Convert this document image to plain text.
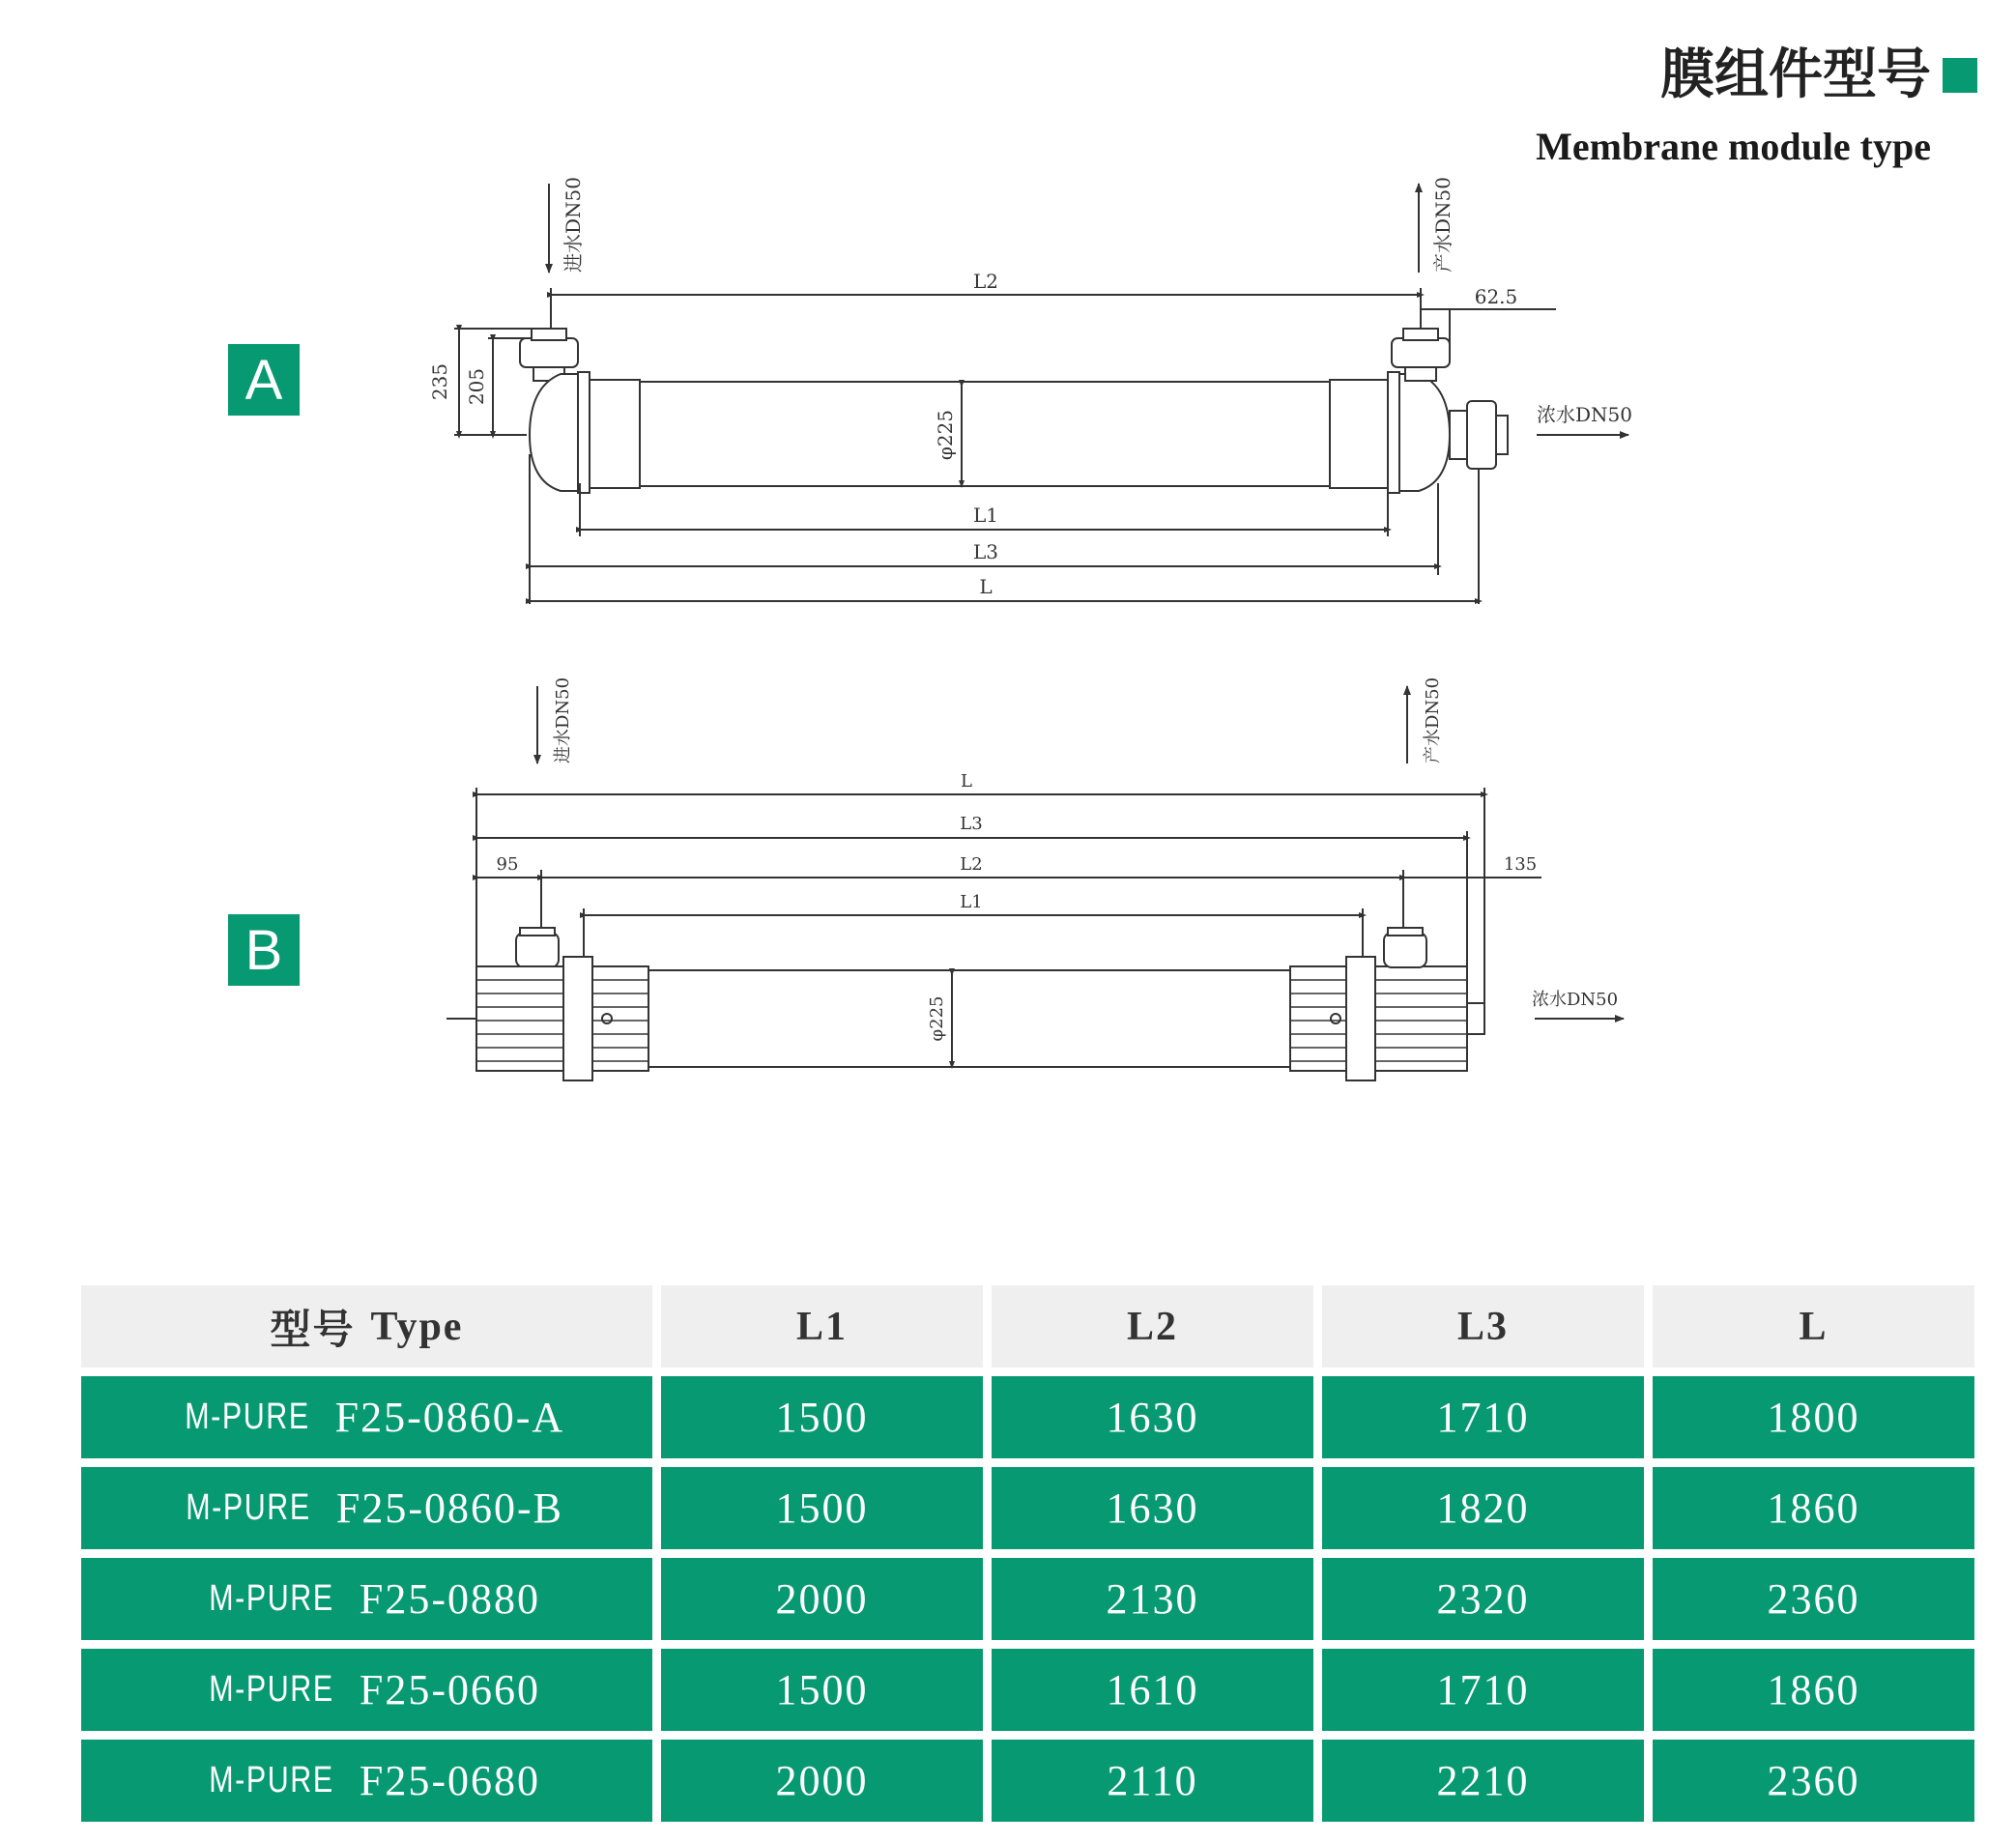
膜组件型号
Membrane module type
A
B
进水DN50	产水DN50
L2
62.5
235 205
浓水DN50
φ225
L1
L3
L
进水DN50	产水DN50
L
L3
95	L2	135
L1
浓水DN50
φ225
型号 Type	L1	L2	L3	L
M-PURE F25-0860-A	1500	1630	1710	1800
M-PURE F25-0860-B	1500	1630	1820	1860
M-PURE F25-0880	2000	2130	2320	2360
M-PURE F25-0660	1500	1610	1710	1860
M-PURE F25-0680	2000	2110	2210	2360
